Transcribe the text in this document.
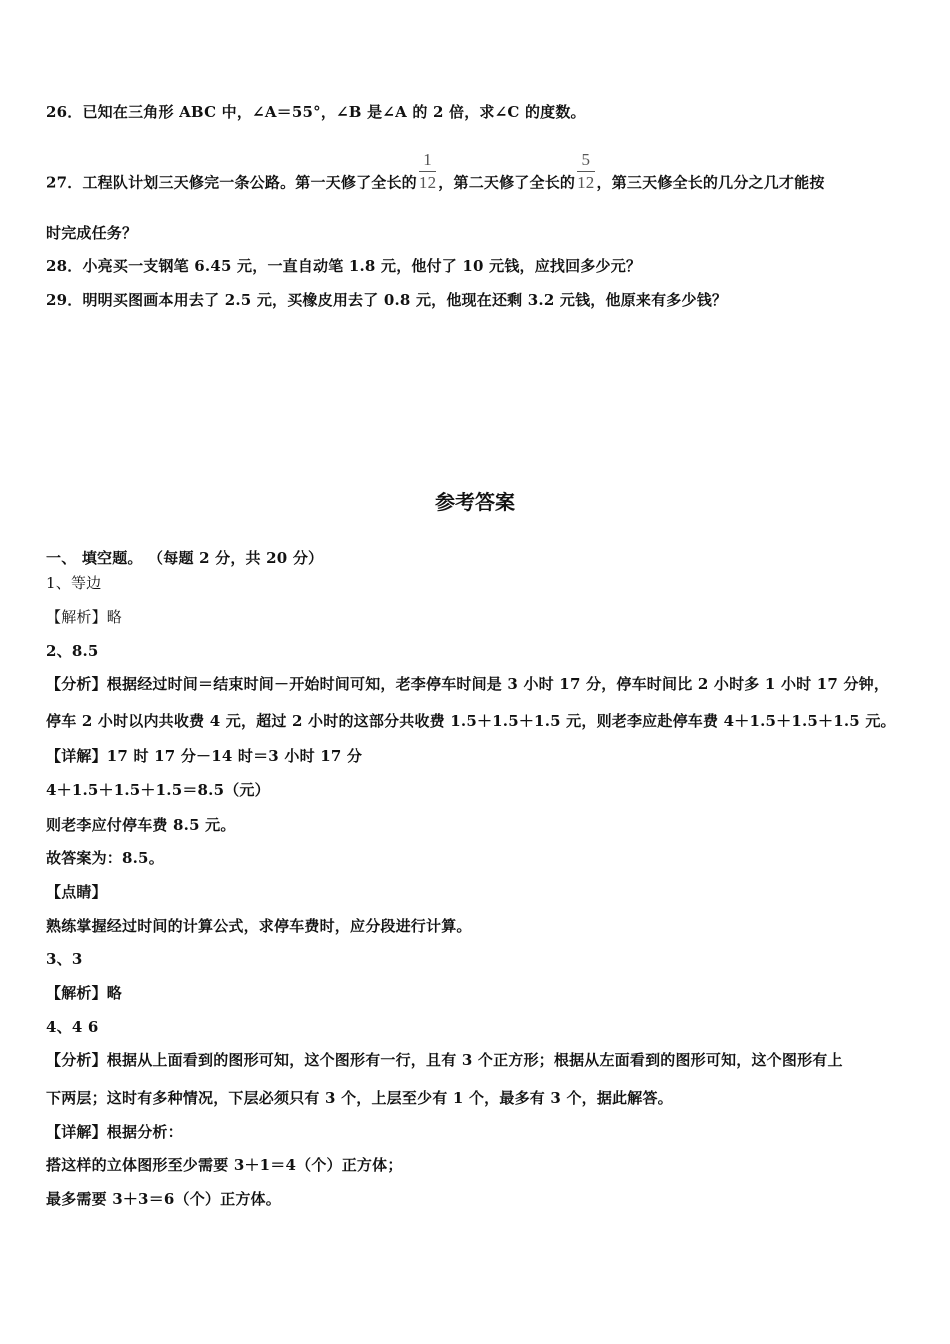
26．已知在三角形 ABC 中，∠A＝55°，∠B 是∠A 的 2 倍，求∠C 的度数。
27．工程队计划三天修完一条公路。第一天修了全长的 $\frac{1}{12}$ ，第二天修了全长的 $\frac{5}{12}$ ，第三天修全长的几分之几才能按
时完成任务？
28．小亮买一支钢笔 6.45 元，一直自动笔 1.8 元，他付了 10 元钱，应找回多少元？
29．明明买图画本用去了 2.5 元，买橡皮用去了 0.8 元，他现在还剩 3.2 元钱，他原来有多少钱？
参考答案
一、 填空题。 （每题 2 分，共 20 分）
1、等边
【解析】略
2、8.5
【分析】根据经过时间＝结束时间－开始时间可知，老李停车时间是 3 小时 17 分，停车时间比 2 小时多 1 小时 17 分钟，
停车 2 小时以内共收费 4 元，超过 2 小时的这部分共收费 1.5＋1.5＋1.5 元，则老李应赴停车费 4＋1.5＋1.5＋1.5 元。
【详解】17 时 17 分－14 时＝3 小时 17 分
4＋1.5＋1.5＋1.5＝8.5（元）
则老李应付停车费 8.5 元。
故答案为：8.5。
【点睛】
熟练掌握经过时间的计算公式，求停车费时，应分段进行计算。
3、3
【解析】略
4、4 6
【分析】根据从上面看到的图形可知，这个图形有一行，且有 3 个正方形；根据从左面看到的图形可知，这个图形有上
下两层；这时有多种情况，下层必须只有 3 个，上层至少有 1 个，最多有 3 个，据此解答。
【详解】根据分析：
搭这样的立体图形至少需要 3＋1＝4（个）正方体；
最多需要 3＋3＝6（个）正方体。
